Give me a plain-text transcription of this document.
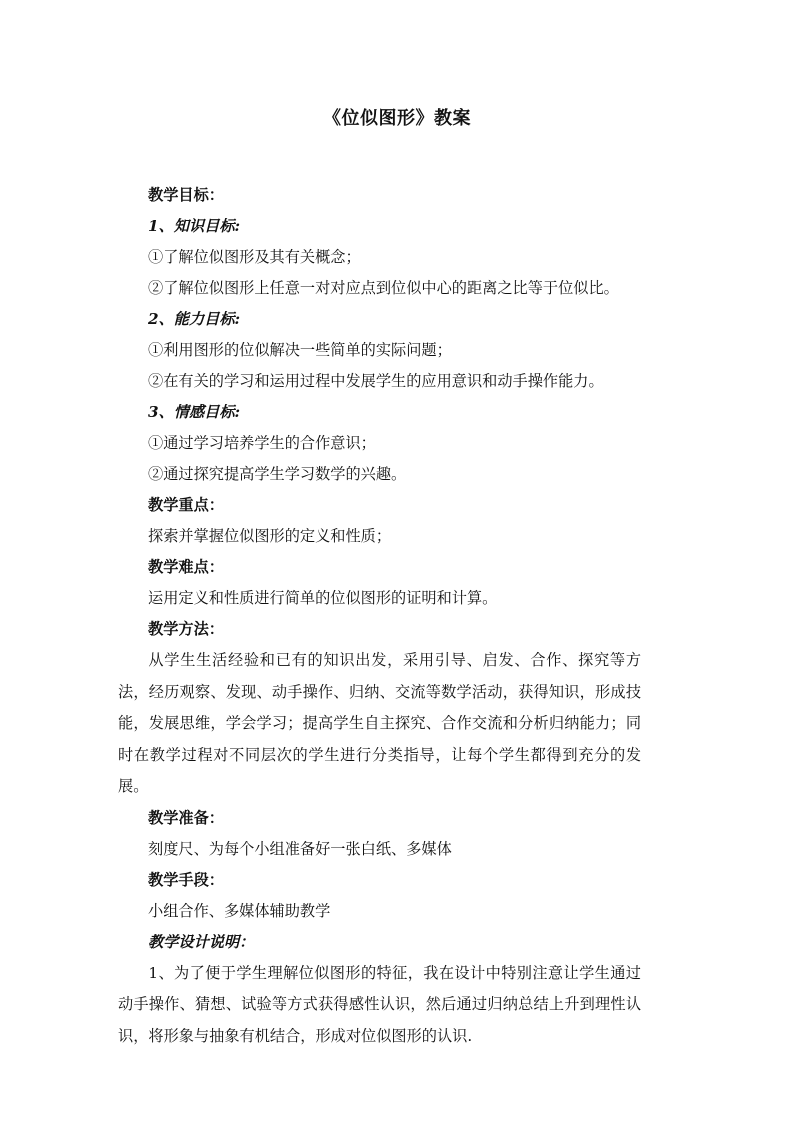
《位似图形》教案
教学目标：
1、知识目标:
①了解位似图形及其有关概念；
②了解位似图形上任意一对对应点到位似中心的距离之比等于位似比。
2、能力目标:
①利用图形的位似解决一些简单的实际问题；
②在有关的学习和运用过程中发展学生的应用意识和动手操作能力。
3、情感目标:
①通过学习培养学生的合作意识；
②通过探究提高学生学习数学的兴趣。
教学重点：
探索并掌握位似图形的定义和性质；
教学难点：
运用定义和性质进行简单的位似图形的证明和计算。
教学方法：
从学生生活经验和已有的知识出发，采用引导、启发、合作、探究等方法，经历观察、发现、动手操作、归纳、交流等数学活动，获得知识，形成技能，发展思维，学会学习；提高学生自主探究、合作交流和分析归纳能力；同时在教学过程对不同层次的学生进行分类指导，让每个学生都得到充分的发展。
教学准备：
刻度尺、为每个小组准备好一张白纸、多媒体
教学手段：
小组合作、多媒体辅助教学
教学设计说明：
1、为了便于学生理解位似图形的特征，我在设计中特别注意让学生通过动手操作、猜想、试验等方式获得感性认识，然后通过归纳总结上升到理性认识，将形象与抽象有机结合，形成对位似图形的认识.
